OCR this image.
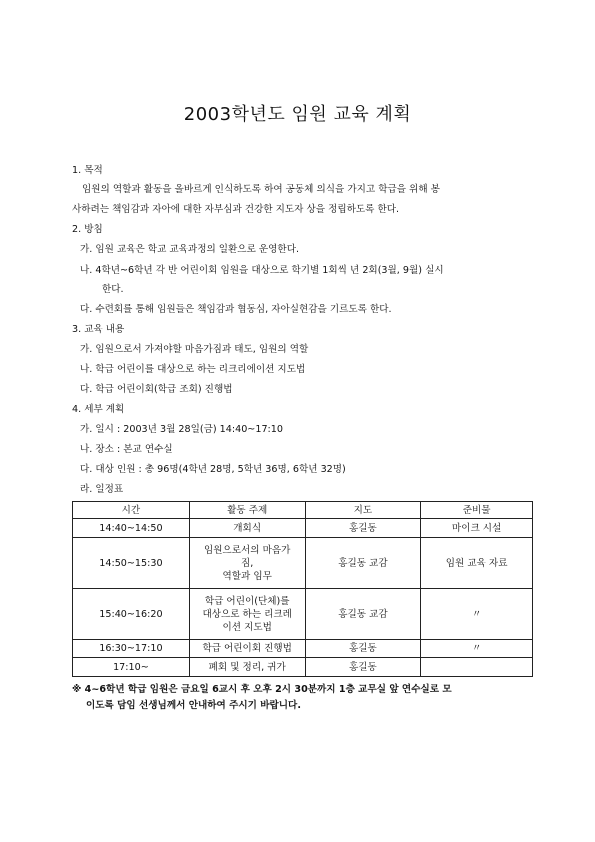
2003학년도 임원 교육 계획
1. 목적
임원의 역할과 활동을 올바르게 인식하도록 하여 공동체 의식을 가지고 학급을 위해 봉
사하려는 책임감과 자아에 대한 자부심과 건강한 지도자 상을 정립하도록 한다.
2. 방침
가. 임원 교육은 학교 교육과정의 일환으로 운영한다.
나. 4학년~6학년 각 반 어린이회 임원을 대상으로 학기별 1회씩 년 2회(3월, 9월) 실시
한다.
다. 수련회를 통해 임원들은 책임감과 협동심, 자아실현감을 기르도록 한다.
3. 교육 내용
가. 임원으로서 가져야할 마음가짐과 태도, 임원의 역할
나. 학급 어린이를 대상으로 하는 리크리에이션 지도법
다. 학급 어린이회(학급 조회) 진행법
4. 세부 계획
가. 일시 : 2003년 3월 28일(금) 14:40~17:10
나. 장소 : 본교 연수실
다. 대상 인원 : 총 96명(4학년 28명, 5학년 36명, 6학년 32명)
라. 일정표
시간	활동 주제	지도	준비물
14:40~14:50	개회식	홍길동	마이크 시설
14:50~15:30	임원으로서의 마음가
짐,
역할과 임무	홍길동 교감	임원 교육 자료
15:40~16:20	학급 어린이(단체)를
대상으로 하는 리크레
이션 지도법	홍길동 교감	〃
16:30~17:10	학급 어린이회 진행법	홍길동	〃
17:10~	폐회 및 정리, 귀가	홍길동	
※ 4~6학년 학급 임원은 금요일 6교시 후 오후 2시 30분까지 1층 교무실 앞 연수실로 모
이도록 담임 선생님께서 안내하여 주시기 바랍니다.
